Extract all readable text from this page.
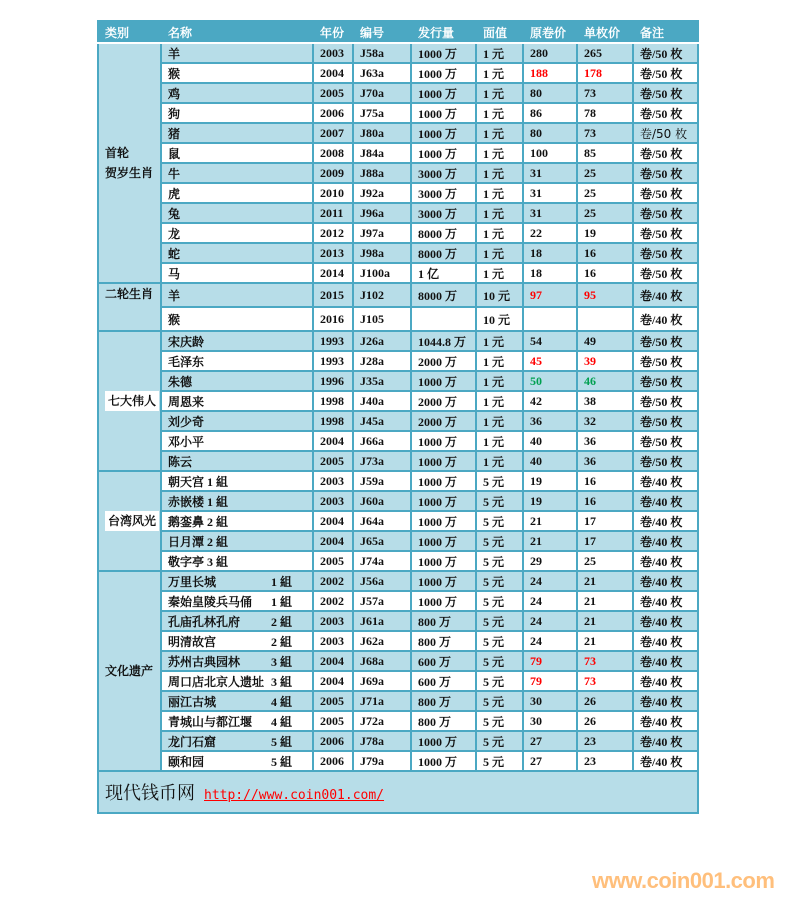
类别	名称	年份	编号	发行量	面值	原卷价	单枚价	备注
首轮
贺岁生肖	羊	2003	J58a	1000 万	1 元	280	265	卷/50 枚
	猴	2004	J63a	1000 万	1 元	188	178	卷/50 枚
	鸡	2005	J70a	1000 万	1 元	80	73	卷/50 枚
	狗	2006	J75a	1000 万	1 元	86	78	卷/50 枚
	猪	2007	J80a	1000 万	1 元	80	73	卷/50 枚
	鼠	2008	J84a	1000 万	1 元	100	85	卷/50 枚
	牛	2009	J88a	3000 万	1 元	31	25	卷/50 枚
	虎	2010	J92a	3000 万	1 元	31	25	卷/50 枚
	兔	2011	J96a	3000 万	1 元	31	25	卷/50 枚
	龙	2012	J97a	8000 万	1 元	22	19	卷/50 枚
	蛇	2013	J98a	8000 万	1 元	18	16	卷/50 枚
	马	2014	J100a	1 亿	1 元	18	16	卷/50 枚
二轮生肖	羊	2015	J102	8000 万	10 元	97	95	卷/40 枚
	猴	2016	J105		10 元			卷/40 枚
七大伟人	宋庆龄	1993	J26a	1044.8 万	1 元	54	49	卷/50 枚
	毛泽东	1993	J28a	2000 万	1 元	45	39	卷/50 枚
	朱德	1996	J35a	1000 万	1 元	50	46	卷/50 枚
	周恩来	1998	J40a	2000 万	1 元	42	38	卷/50 枚
	刘少奇	1998	J45a	2000 万	1 元	36	32	卷/50 枚
	邓小平	2004	J66a	1000 万	1 元	40	36	卷/50 枚
	陈云	2005	J73a	1000 万	1 元	40	36	卷/50 枚
台湾风光	朝天宫 1 組	2003	J59a	1000 万	5 元	19	16	卷/40 枚
	赤嵌楼 1 組	2003	J60a	1000 万	5 元	19	16	卷/40 枚
	鹅銮鼻 2 組	2004	J64a	1000 万	5 元	21	17	卷/40 枚
	日月潭 2 組	2004	J65a	1000 万	5 元	21	17	卷/40 枚
	敬字亭 3 組	2005	J74a	1000 万	5 元	29	25	卷/40 枚
文化遗产	万里长城 1 組	2002	J56a	1000 万	5 元	24	21	卷/40 枚
	秦始皇陵兵马俑 1 組	2002	J57a	1000 万	5 元	24	21	卷/40 枚
	孔庙孔林孔府 2 組	2003	J61a	800 万	5 元	24	21	卷/40 枚
	明清故宫 2 組	2003	J62a	800 万	5 元	24	21	卷/40 枚
	苏州古典园林 3 組	2004	J68a	600 万	5 元	79	73	卷/40 枚
	周口店北京人遗址 3 組	2004	J69a	600 万	5 元	79	73	卷/40 枚
	丽江古城 4 組	2005	J71a	800 万	5 元	30	26	卷/40 枚
	青城山与都江堰 4 組	2005	J72a	800 万	5 元	30	26	卷/40 枚
	龙门石窟 5 組	2006	J78a	1000 万	5 元	27	23	卷/40 枚
	颐和园 5 組	2006	J79a	1000 万	5 元	27	23	卷/40 枚
现代钱币网 http://www.coin001.com/								
www.coin001.com
